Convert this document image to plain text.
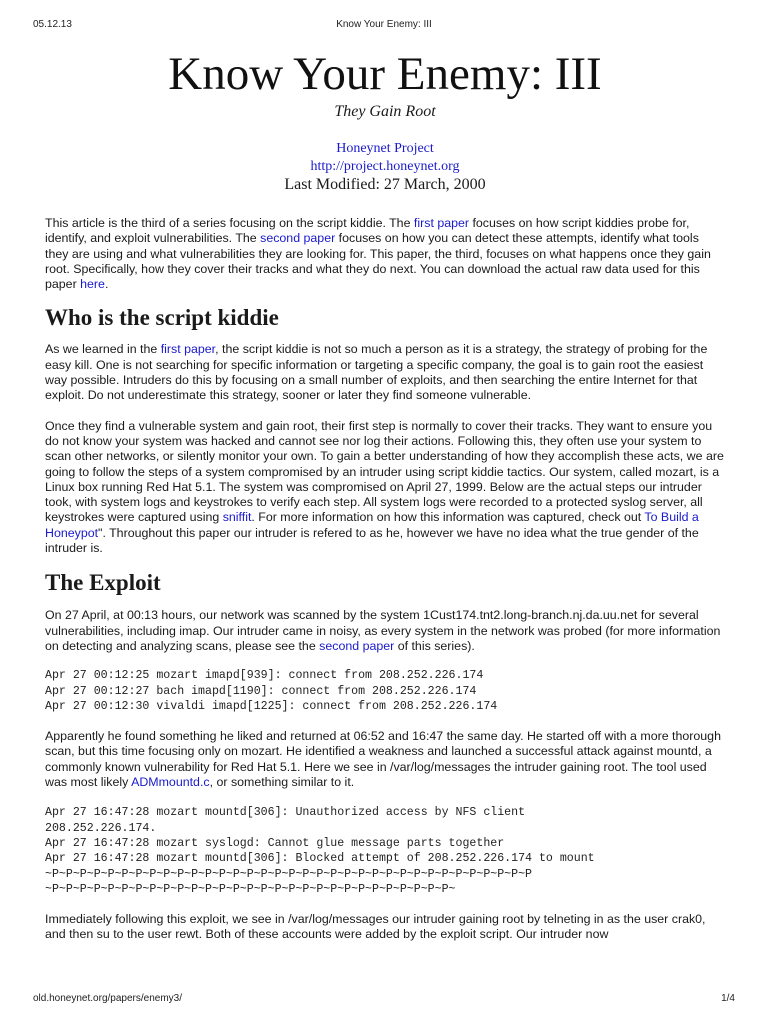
05.12.13	Know Your Enemy: III
Know Your Enemy: III
They Gain Root
Honeynet Project
http://project.honeynet.org
Last Modified: 27 March, 2000

This article is the third of a series focusing on the script kiddie. The first paper focuses on how script kiddies probe for, identify, and exploit vulnerabilities. The second paper focuses on how you can detect these attempts, identify what tools they are using and what vulnerabilities they are looking for. This paper, the third, focuses on what happens once they gain root. Specifically, how they cover their tracks and what they do next. You can download the actual raw data used for this paper here.

Who is the script kiddie

As we learned in the first paper, the script kiddie is not so much a person as it is a strategy, the strategy of probing for the easy kill. One is not searching for specific information or targeting a specific company, the goal is to gain root the easiest way possible. Intruders do this by focusing on a small number of exploits, and then searching the entire Internet for that exploit. Do not underestimate this strategy, sooner or later they find someone vulnerable.

Once they find a vulnerable system and gain root, their first step is normally to cover their tracks. They want to ensure you do not know your system was hacked and cannot see nor log their actions. Following this, they often use your system to scan other networks, or silently monitor your own. To gain a better understanding of how they accomplish these acts, we are going to follow the steps of a system compromised by an intruder using script kiddie tactics. Our system, called mozart, is a Linux box running Red Hat 5.1. The system was compromised on April 27, 1999. Below are the actual steps our intruder took, with system logs and keystrokes to verify each step. All system logs were recorded to a protected syslog server, all keystrokes were captured using sniffit. For more information on how this information was captured, check out To Build a Honeypot". Throughout this paper our intruder is refered to as he, however we have no idea what the true gender of the intruder is.

The Exploit

On 27 April, at 00:13 hours, our network was scanned by the system 1Cust174.tnt2.long-branch.nj.da.uu.net for several vulnerabilities, including imap. Our intruder came in noisy, as every system in the network was probed (for more information on detecting and analyzing scans, please see the second paper of this series).

Apr 27 00:12:25 mozart imapd[939]: connect from 208.252.226.174
Apr 27 00:12:27 bach imapd[1190]: connect from 208.252.226.174
Apr 27 00:12:30 vivaldi imapd[1225]: connect from 208.252.226.174

Apparently he found something he liked and returned at 06:52 and 16:47 the same day. He started off with a more thorough scan, but this time focusing only on mozart. He identified a weakness and launched a successful attack against mountd, a commonly known vulnerability for Red Hat 5.1. Here we see in /var/log/messages the intruder gaining root. The tool used was most likely ADMmountd.c, or something similar to it.

Apr 27 16:47:28 mozart mountd[306]: Unauthorized access by NFS client
208.252.226.174.
Apr 27 16:47:28 mozart syslogd: Cannot glue message parts together
Apr 27 16:47:28 mozart mountd[306]: Blocked attempt of 208.252.226.174 to mount
~P~P~P~P~P~P~P~P~P~P~P~P~P~P~P~P~P~P~P~P~P~P~P~P~P~P~P~P~P~P~P~P~P~P~P
~P~P~P~P~P~P~P~P~P~P~P~P~P~P~P~P~P~P~P~P~P~P~P~P~P~P~P~P~P~

Immediately following this exploit, we see in /var/log/messages our intruder gaining root by telneting in as the user crak0, and then su to the user rewt. Both of these accounts were added by the exploit script. Our intruder now

old.honeynet.org/papers/enemy3/	1/4
